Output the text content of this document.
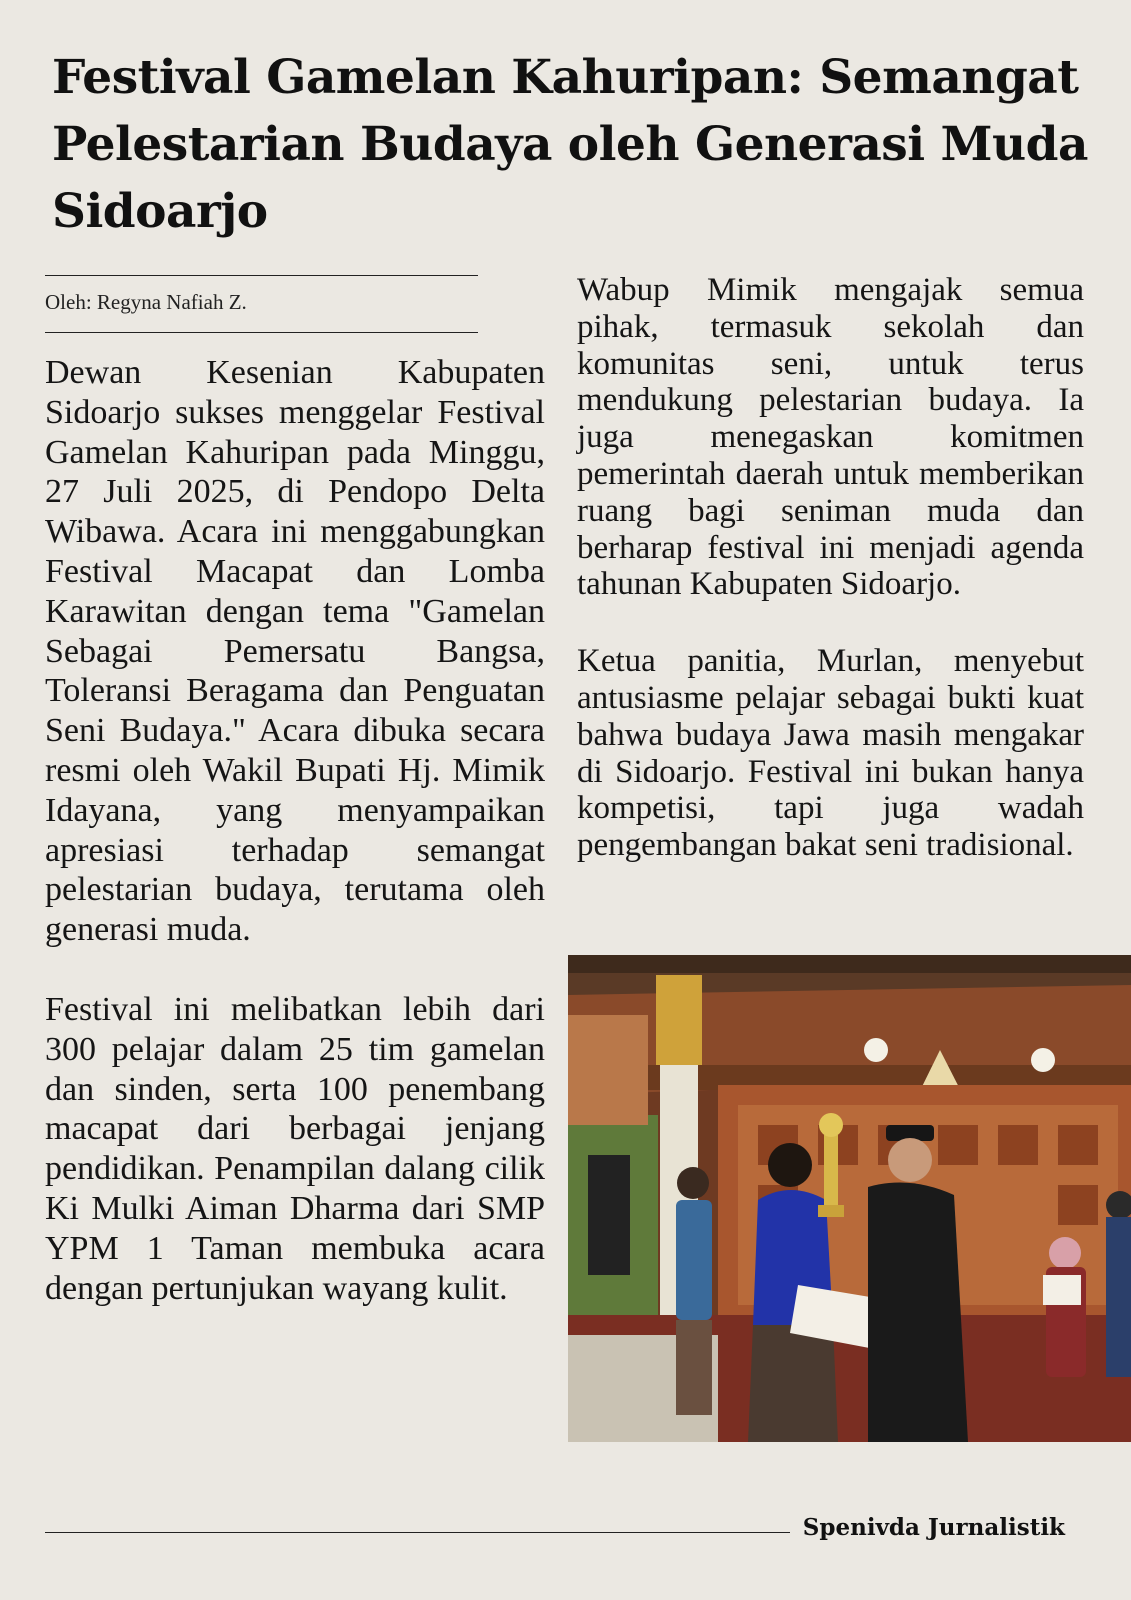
Festival Gamelan Kahuripan: Semangat Pelestarian Budaya oleh Generasi Muda Sidoarjo
Oleh: Regyna Nafiah Z.

Dewan Kesenian Kabupaten Sidoarjo sukses menggelar Festival Gamelan Kahuripan pada Minggu, 27 Juli 2025, di Pendopo Delta Wibawa. Acara ini menggabungkan Festival Macapat dan Lomba Karawitan dengan tema "Gamelan Sebagai Pemersatu Bangsa, Toleransi Beragama dan Penguatan Seni Budaya." Acara dibuka secara resmi oleh Wakil Bupati Hj. Mimik Idayana, yang menyampaikan apresiasi terhadap semangat pelestarian budaya, terutama oleh generasi muda.

Festival ini melibatkan lebih dari 300 pelajar dalam 25 tim gamelan dan sinden, serta 100 penembang macapat dari berbagai jenjang pendidikan. Penampilan dalang cilik Ki Mulki Aiman Dharma dari SMP YPM 1 Taman membuka acara dengan pertunjukan wayang kulit.

Wabup Mimik mengajak semua pihak, termasuk sekolah dan komunitas seni, untuk terus mendukung pelestarian budaya. Ia juga menegaskan komitmen pemerintah daerah untuk memberikan ruang bagi seniman muda dan berharap festival ini menjadi agenda tahunan Kabupaten Sidoarjo.

Ketua panitia, Murlan, menyebut antusiasme pelajar sebagai bukti kuat bahwa budaya Jawa masih mengakar di Sidoarjo. Festival ini bukan hanya kompetisi, tapi juga wadah pengembangan bakat seni tradisional.

Spenivda Jurnalistik
